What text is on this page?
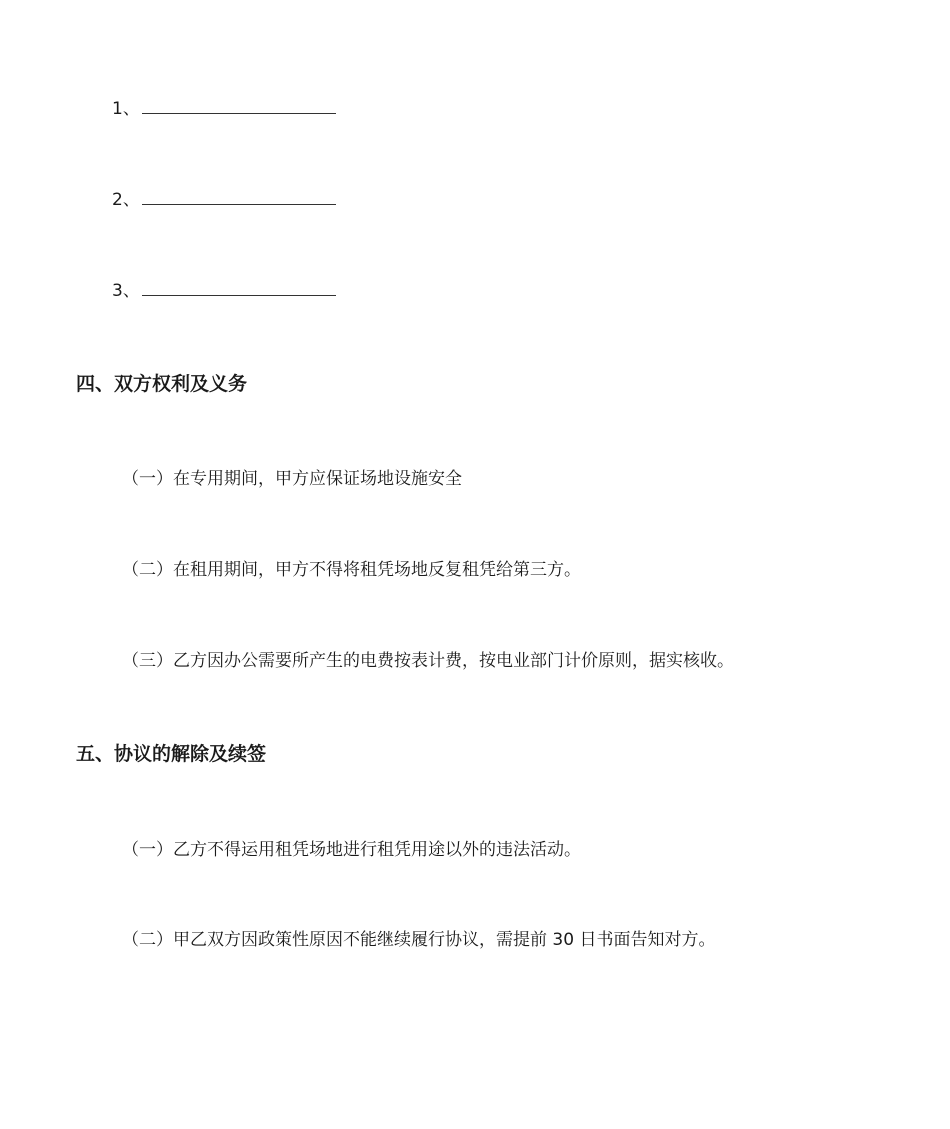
1、
2、
3、
四、双方权利及义务
（一）在专用期间，甲方应保证场地设施安全
（二）在租用期间，甲方不得将租凭场地反复租凭给第三方。
（三）乙方因办公需要所产生的电费按表计费，按电业部门计价原则，据实核收。
五、协议的解除及续签
（一）乙方不得运用租凭场地进行租凭用途以外的违法活动。
（二）甲乙双方因政策性原因不能继续履行协议，需提前 30 日书面告知对方。
